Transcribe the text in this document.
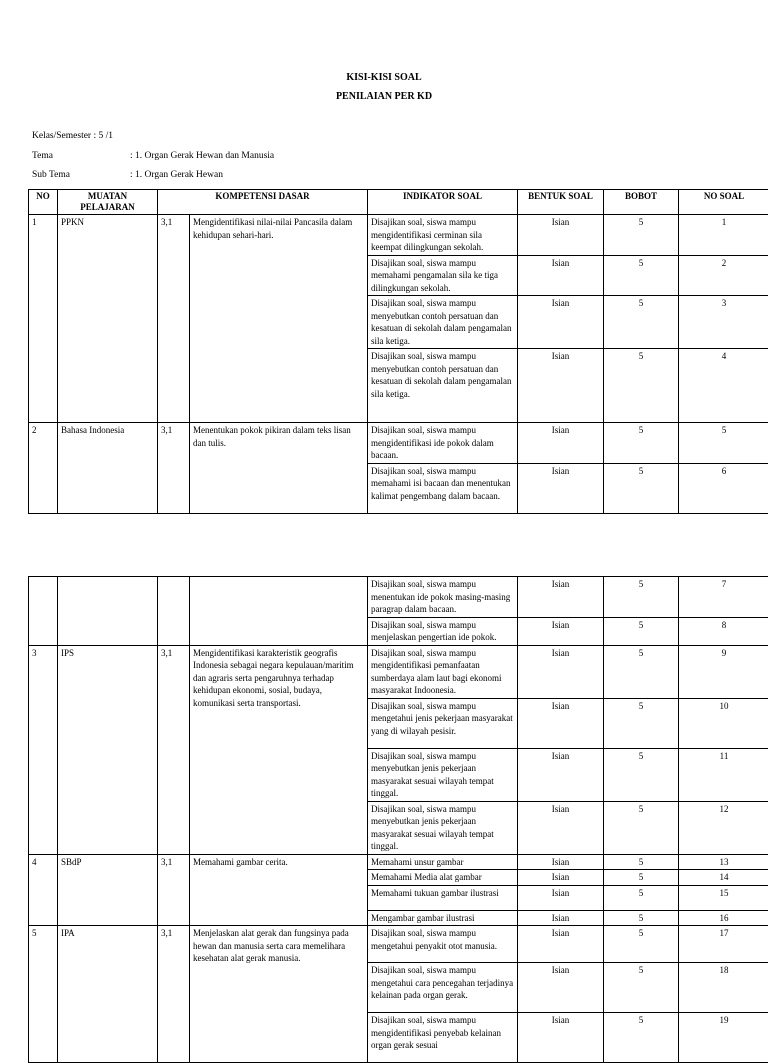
KISI-KISI SOAL
PENILAIAN PER KD
Kelas/Semester : 5 /1
Tema	: 1. Organ Gerak Hewan dan Manusia
Sub Tema	: 1. Organ Gerak Hewan
NO	MUATAN PELAJARAN	KOMPETENSI DASAR		INDIKATOR SOAL	BENTUK SOAL	BOBOT	NO SOAL
1	PPKN	3,1	Mengidentifikasi nilai-nilai Pancasila dalam kehidupan sehari-hari.	Disajikan soal, siswa mampu mengidentifikasi cerminan sila keempat dilingkungan sekolah.	Isian	5	1
				Disajikan soal, siswa mampu memahami pengamalan sila ke tiga dilingkungan sekolah.	Isian	5	2
				Disajikan soal, siswa mampu menyebutkan contoh persatuan dan kesatuan di sekolah dalam pengamalan sila ketiga.	Isian	5	3
				Disajikan soal, siswa mampu menyebutkan contoh persatuan dan kesatuan di sekolah dalam pengamalan sila ketiga.	Isian	5	4
2	Bahasa Indonesia	3,1	Menentukan pokok pikiran dalam teks lisan dan tulis.	Disajikan soal, siswa mampu mengidentifikasi ide pokok dalam bacaan.	Isian	5	5
				Disajikan soal, siswa mampu memahami isi bacaan dan menentukan kalimat pengembang dalam bacaan.	Isian	5	6
				Disajikan soal, siswa mampu menentukan ide pokok masing-masing paragrap dalam bacaan.	Isian	5	7
				Disajikan soal, siswa mampu menjelaskan pengertian ide pokok.	Isian	5	8
3	IPS	3,1	Mengidentifikasi karakteristik geografis Indonesia sebagai negara kepulauan/maritim dan agraris serta pengaruhnya terhadap kehidupan ekonomi, sosial, budaya, komunikasi serta transportasi.	Disajikan soal, siswa mampu mengidentifikasi pemanfaatan sumberdaya alam laut bagi ekonomi masyarakat Indoonesia.	Isian	5	9
				Disajikan soal, siswa mampu mengetahui jenis pekerjaan masyarakat yang di wilayah pesisir.	Isian	5	10
				Disajikan soal, siswa mampu menyebutkan jenis pekerjaan masyarakat sesuai wilayah tempat tinggal.	Isian	5	11
				Disajikan soal, siswa mampu menyebutkan jenis pekerjaan masyarakat sesuai wilayah tempat tinggal.	Isian	5	12
4	SBdP	3,1	Memahami gambar cerita.	Memahami unsur gambar	Isian	5	13
				Memahami Media alat gambar	Isian	5	14
				Memahami tukuan gambar ilustrasi	Isian	5	15
				Mengambar gambar ilustrasi	Isian	5	16
5	IPA	3,1	Menjelaskan alat gerak dan fungsinya pada hewan dan manusia serta cara memelihara kesehatan alat gerak manusia.	Disajikan soal, siswa mampu mengetahui penyakit otot manusia.	Isian	5	17
				Disajikan soal, siswa mampu mengetahui cara pencegahan terjadinya kelainan pada organ gerak.	Isian	5	18
				Disajikan soal, siswa mampu mengidentifikasi penyebab kelainan organ gerak sesuai	Isian	5	19
